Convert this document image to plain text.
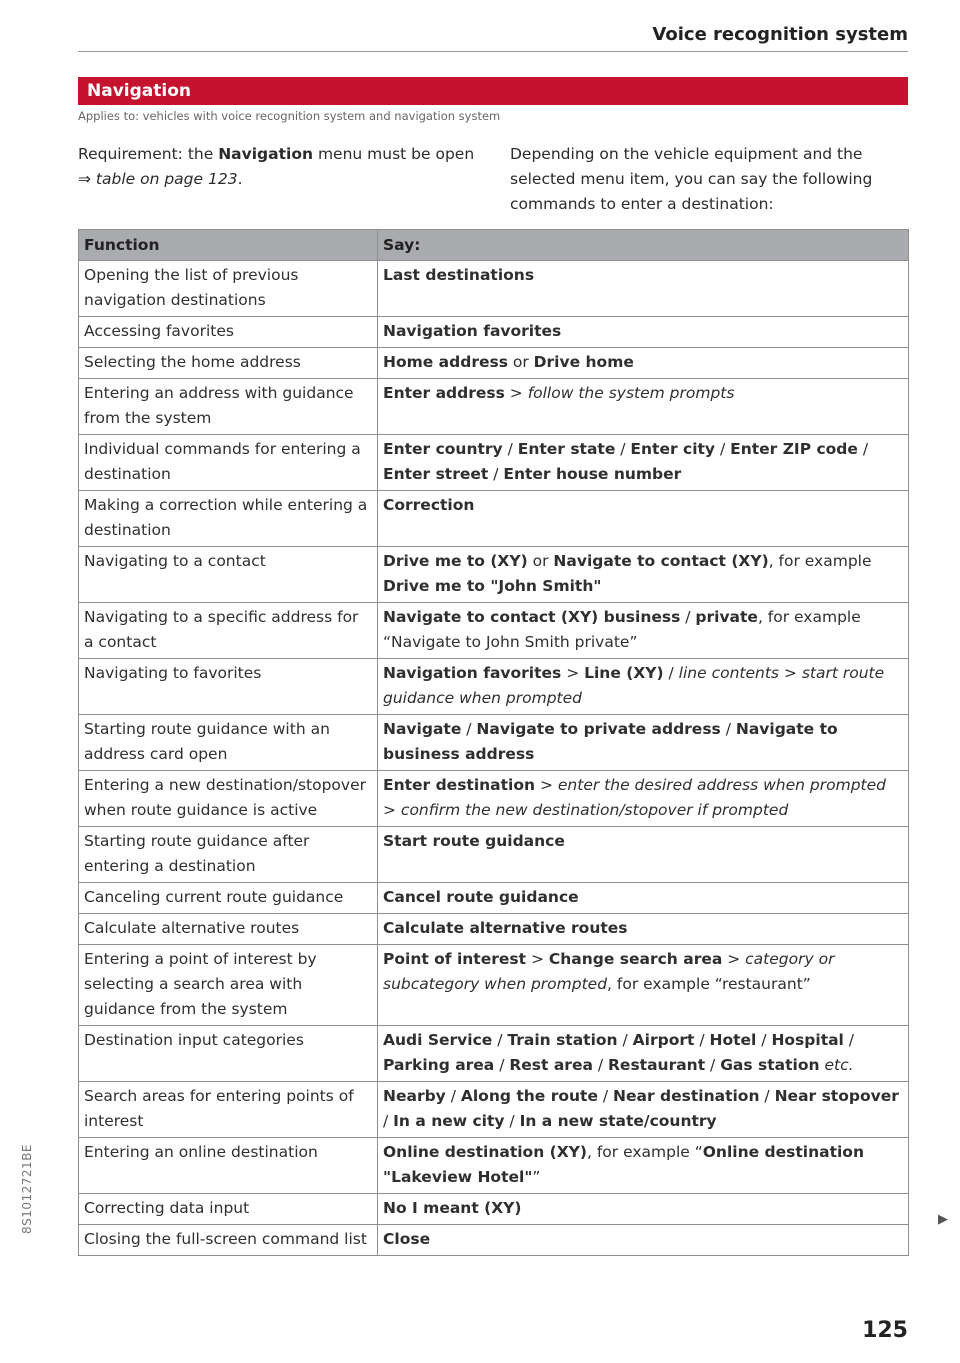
Voice recognition system
Navigation
Applies to: vehicles with voice recognition system and navigation system
Requirement: the Navigation menu must be open ⇒ table on page 123.
Depending on the vehicle equipment and the selected menu item, you can say the following commands to enter a destination:
Function	Say:
Opening the list of previous navigation destinations	Last destinations
Accessing favorites	Navigation favorites
Selecting the home address	Home address or Drive home
Entering an address with guidance from the system	Enter address > follow the system prompts
Individual commands for entering a destination	Enter country / Enter state / Enter city / Enter ZIP code / Enter street / Enter house number
Making a correction while entering a destination	Correction
Navigating to a contact	Drive me to (XY) or Navigate to contact (XY), for example Drive me to "John Smith"
Navigating to a specific address for a contact	Navigate to contact (XY) business / private, for example “Navigate to John Smith private”
Navigating to favorites	Navigation favorites > Line (XY) / line contents > start route guidance when prompted
Starting route guidance with an address card open	Navigate / Navigate to private address / Navigate to business address
Entering a new destination/stopover when route guidance is active	Enter destination > enter the desired address when prompted > confirm the new destination/stopover if prompted
Starting route guidance after entering a destination	Start route guidance
Canceling current route guidance	Cancel route guidance
Calculate alternative routes	Calculate alternative routes
Entering a point of interest by selecting a search area with guidance from the system	Point of interest > Change search area > category or subcategory when prompted, for example “restaurant”
Destination input categories	Audi Service / Train station / Airport / Hotel / Hospital / Parking area / Rest area / Restaurant / Gas station etc.
Search areas for entering points of interest	Nearby / Along the route / Near destination / Near stopover / In a new city / In a new state/country
Entering an online destination	Online destination (XY), for example “Online destination "Lakeview Hotel"”
Correcting data input	No I meant (XY)
Closing the full-screen command list	Close
8S1012721BE	▶
125
